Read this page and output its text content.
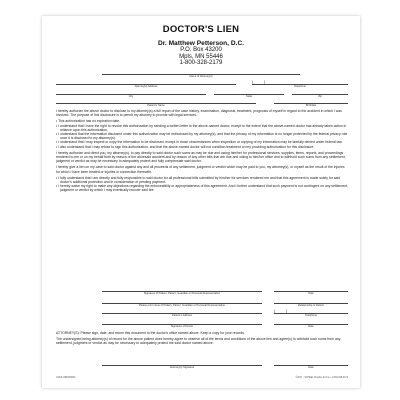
DOCTOR'S LIEN
Dr. Matthew Petterson, D.C.
P.O. Box 43200
Mpls, MN 55446
1-800-328-2179
Name of Attorney(s)
Attorney(s) Address
(	)
Telephone
City	State	Zip
Patient's Name	Birthdate

I hereby authorize the above doctor to disclose to my attorney(s) a full report of the case history, examination, diagnosis, treatment, prognosis of myself in regard to the accident in which I was involved. The purpose of this disclosure is to permit my attorney to provide with legal services.

• This authorization has no expiration date.
• I understand that I have the right to revoke this authorization by sending a written letter to the above-named doctor, except to the extent that the above-named doctor has already taken action in reliance upon this authorization.
• I understand that the information disclosed under this authorization may be redisclosed by my attorney(s), and that the privacy of my information is no longer protected by the federal privacy rule once it is disclosed to my attorney(s).
• I understand that I may inspect or copy the information to be disclosed, except in those circumstances when inspection or copying of my information may be lawfully denied under federal law.
• I also understand that I may refuse to sign this authorization, and that the above-named doctor will not condition treatment on my providing authorization for this disclosure.

I hereby authorize and direct you, my attorney(s), to pay directly to said doctor such sums as may be due and owing him/her for professional services, supplies, items, reports, and proceedings rendered to me or on my behalf both by reason of the aforesaid accident and by reason of any other bills that are due and owing to him/her office and to withhold such sums from any settlement, judgment or verdict as may be necessary to adequately protect and fully compensate said doctor.

I hereby give a lien on my case to said doctor against any and all proceeds of any settlement, judgment or verdict which may be paid to you, my attorney(s), or myself as the result of the injuries for which I have been treated or injuries in connection therewith.

• I fully understand that I am directly and fully responsible to said doctor for all professional bills submitted by him/her for services rendered me and that this agreement is made solely for said doctor's additional protection and in consideration of pending payment.
• I hereby waive my right to make any objections regarding the enforceability or appropriateness of this agreement. And I further understand that such payment is not contingent on any settlement, judgment or verdict by which I may eventually recover said fee.
Signature of Patient, Parent, Guardian or Personal Representative	Date
Please print name of Patient, Parent, Guardian or Personal Representative	Relationship to Patient
Patient's Address
(	)
Telephone
Signature of Doctor	Date

ATTORNEY(S): Please sign, date, and return this document to the doctor's office named above. Keep a copy for your records.

The undersigned being attorney(s) of record for the above patient does hereby agree to observe all of the terms and conditions of the above lien and agree(s) to withhold such sums from any settlement, judgment or verdict as may be necessary to adequately protect the said doctor named above.

Attorney(s) Signature	Date
LN04L BRKMN004	©2017 - SCHEEL Practice Forms • 1-800-328-2179
